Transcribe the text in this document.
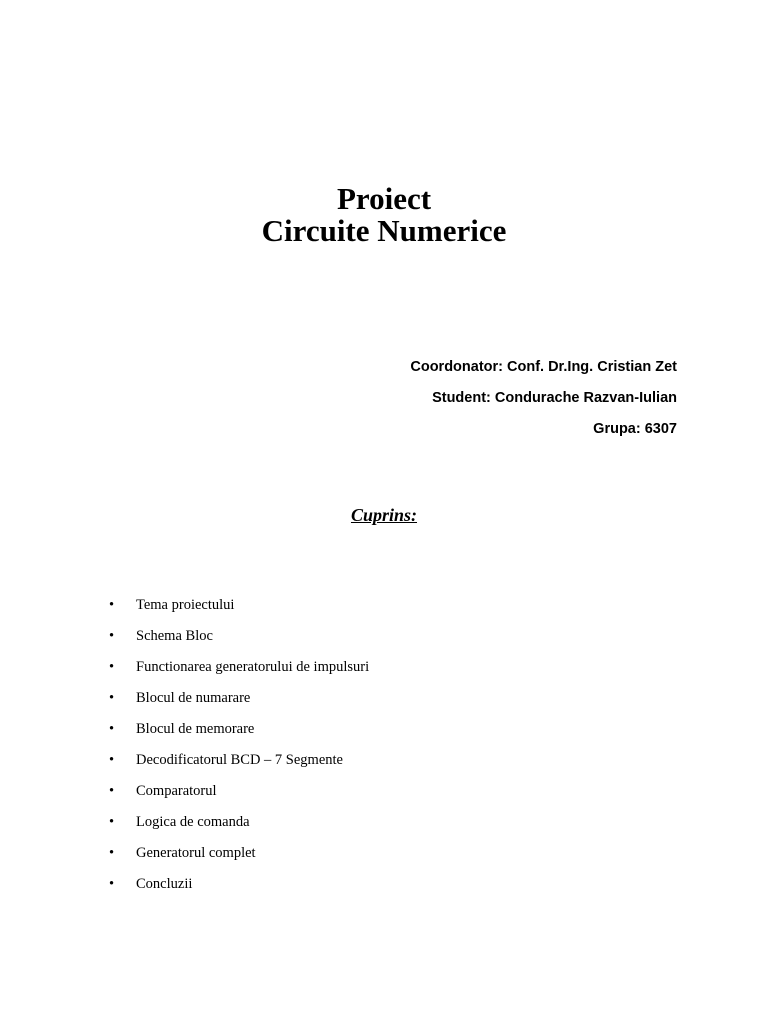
Proiect
Circuite Numerice
Coordonator: Conf. Dr.Ing. Cristian Zet
Student: Condurache Razvan-Iulian
Grupa: 6307
Cuprins:
•	Tema proiectului
•	Schema Bloc
•	Functionarea generatorului de impulsuri
•	Blocul de numarare
•	Blocul de memorare
•	Decodificatorul BCD – 7 Segmente
•	Comparatorul
•	Logica de comanda
•	Generatorul complet
•	Concluzii
